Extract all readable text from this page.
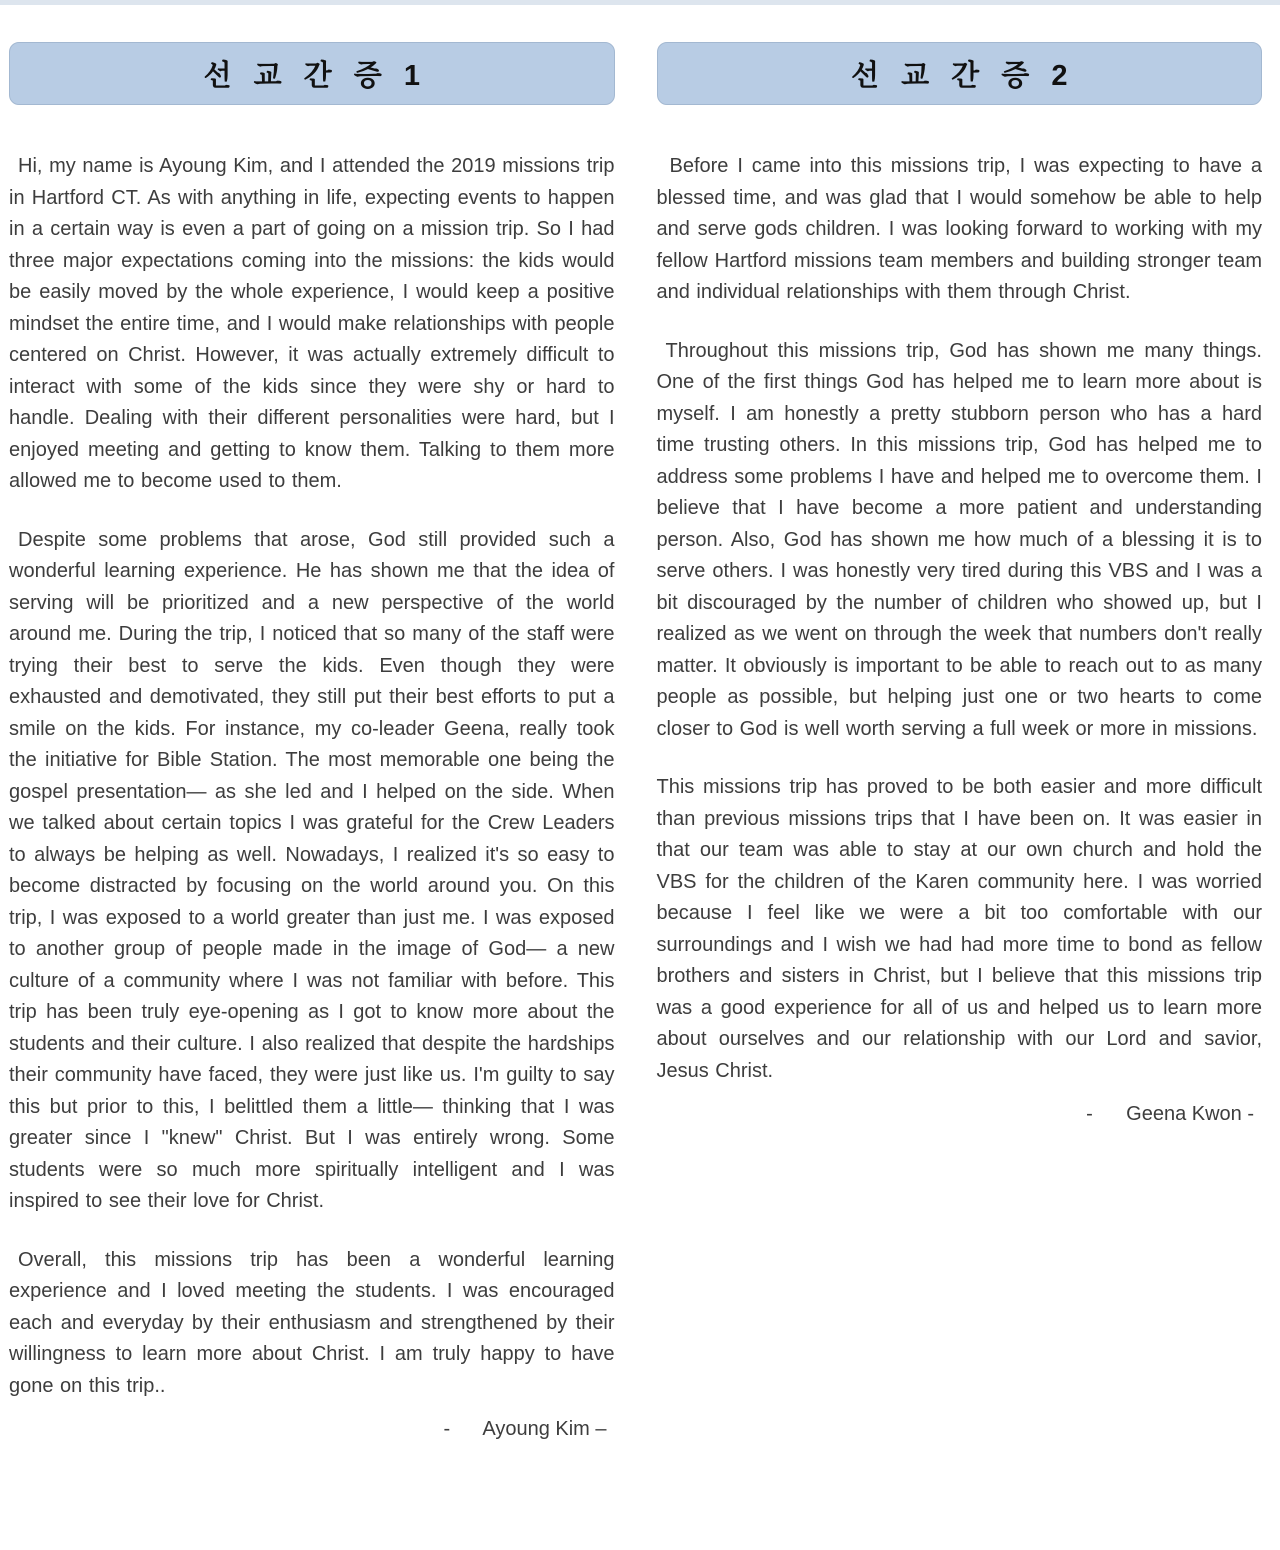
선 교 간 증 1

Hi, my name is Ayoung Kim, and I attended the 2019 missions trip in Hartford CT. As with anything in life, expecting events to happen in a certain way is even a part of going on a mission trip. So I had three major expectations coming into the missions: the kids would be easily moved by the whole experience, I would keep a positive mindset the entire time, and I would make relationships with people centered on Christ. However, it was actually extremely difficult to interact with some of the kids since they were shy or hard to handle. Dealing with their different personalities were hard, but I enjoyed meeting and getting to know them. Talking to them more allowed me to become used to them.

Despite some problems that arose, God still provided such a wonderful learning experience. He has shown me that the idea of serving will be prioritized and a new perspective of the world around me. During the trip, I noticed that so many of the staff were trying their best to serve the kids. Even though they were exhausted and demotivated, they still put their best efforts to put a smile on the kids. For instance, my co-leader Geena, really took the initiative for Bible Station. The most memorable one being the gospel presentation— as she led and I helped on the side. When we talked about certain topics I was grateful for the Crew Leaders to always be helping as well. Nowadays, I realized it's so easy to become distracted by focusing on the world around you. On this trip, I was exposed to a world greater than just me. I was exposed to another group of people made in the image of God— a new culture of a community where I was not familiar with before. This trip has been truly eye-opening as I got to know more about the students and their culture. I also realized that despite the hardships their community have faced, they were just like us. I'm guilty to say this but prior to this, I belittled them a little— thinking that I was greater since I "knew" Christ. But I was entirely wrong. Some students were so much more spiritually intelligent and I was inspired to see their love for Christ.

Overall, this missions trip has been a wonderful learning experience and I loved meeting the students. I was encouraged each and everyday by their enthusiasm and strengthened by their willingness to learn more about Christ. I am truly happy to have gone on this trip..

-      Ayoung Kim –
선 교 간 증 2

Before I came into this missions trip, I was expecting to have a blessed time, and was glad that I would somehow be able to help and serve gods children. I was looking forward to working with my fellow Hartford missions team members and building stronger team and individual relationships with them through Christ.

Throughout this missions trip, God has shown me many things. One of the first things God has helped me to learn more about is myself. I am honestly a pretty stubborn person who has a hard time trusting others. In this missions trip, God has helped me to address some problems I have and helped me to overcome them. I believe that I have become a more patient and understanding person. Also, God has shown me how much of a blessing it is to serve others. I was honestly very tired during this VBS and I was a bit discouraged by the number of children who showed up, but I realized as we went on through the week that numbers don't really matter. It obviously is important to be able to reach out to as many people as possible, but helping just one or two hearts to come closer to God is well worth serving a full week or more in missions.

This missions trip has proved to be both easier and more difficult than previous missions trips that I have been on. It was easier in that our team was able to stay at our own church and hold the VBS for the children of the Karen community here. I was worried because I feel like we were a bit too comfortable with our surroundings and I wish we had had more time to bond as fellow brothers and sisters in Christ, but I believe that this missions trip was a good experience for all of us and helped us to learn more about ourselves and our relationship with our Lord and savior, Jesus Christ.

-      Geena Kwon -
